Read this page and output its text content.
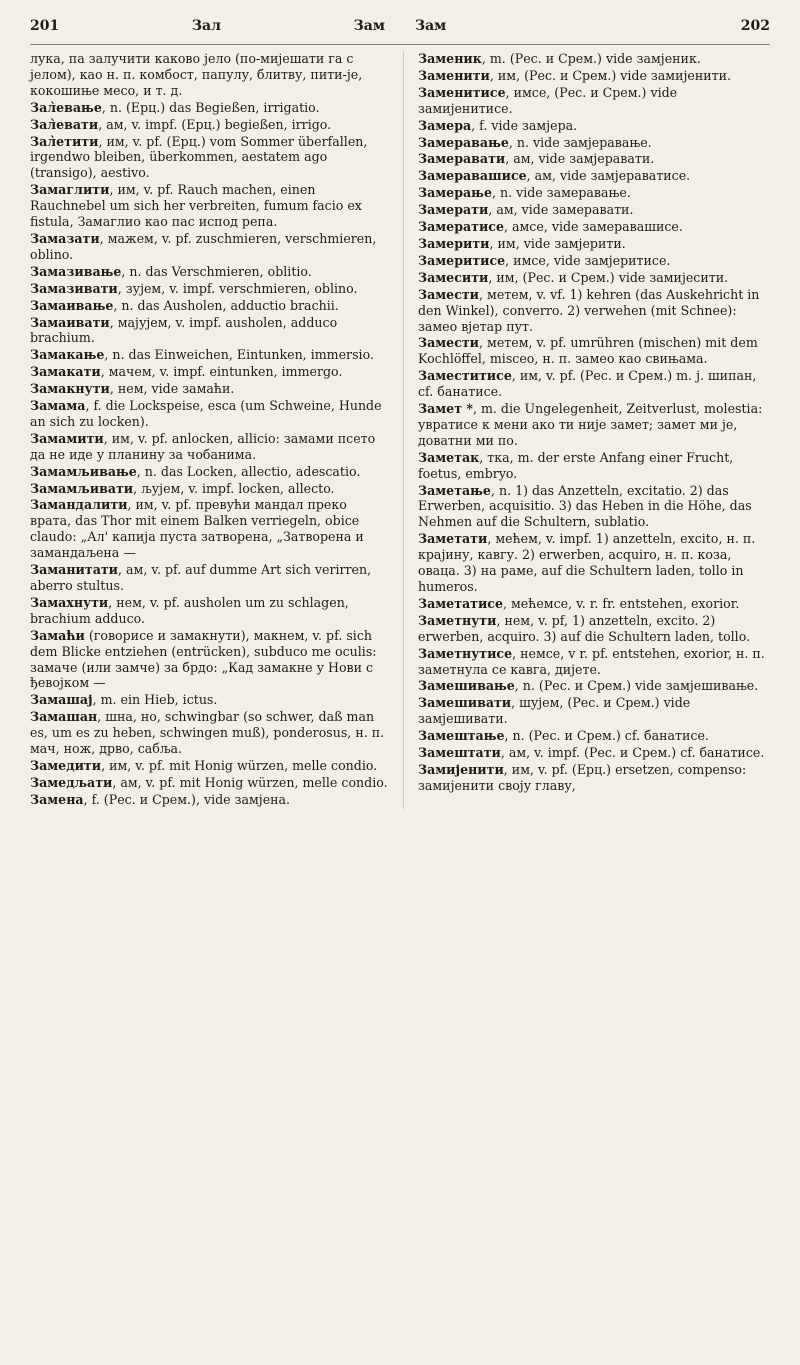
201	Зал	Зам Зам	202

лука, па залучити каково јело (по-мијешати га с јелом), као н. п. комбост, папулу, блитву, пити-је, кокошиње месо, и т. д.

Зал̀евање, n. (Ерц.) das Begießen, irrigatio.

Зал̀евати, ам, v. impf. (Ерц.) begießen, irrigo.

Зал̀етити, им, v. pf. (Ерц.) vom Sommer überfallen, irgendwo bleiben, überkommen, aestatem ago (transigo), aestivo.

Замаглити, им, v. pf. Rauch machen, einen Rauchnebel um sich her verbreiten, fumum facio ex fistula, Замаглио као пас испод репа.

Замазати, мажем, v. pf. zuschmieren, verschmieren, oblino.

Замазивање, n. das Verschmieren, oblitio.

Замазивати, зујем, v. impf. verschmieren, oblino.

Замаивање, n. das Ausholen, adductio brachii.

Замаивати, мајујем, v. impf. ausholen, adduco brachium.

Замакање, n. das Einweichen, Eintunken, immersio.

Замакати, мачем, v. impf. eintunken, immergo.

Замакнути, нем, vide замаћи.

Замама, f. die Lockspeise, esca (um Schweine, Hunde an sich zu locken).

Замамити, им, v. pf. anlocken, allicio: замами псето да не иде у планину за чобанима.

Замамљивање, n. das Locken, allectio, adescatio.

Замамљивати, љујем, v. impf. locken, allecto.

Замандалити, им, v. pf. превући мандал преко врата, das Thor mit einem Balken verriegeln, obice claudo: „Ал' капија пуста затворена, „Затворена и замандаљена —

Заманитати, ам, v. pf. auf dumme Art sich verirren, aberro stultus.

Замахнути, нем, v. pf. ausholen um zu schlagen, brachium adduco.

Замаћи (говорисе и замакнути), макнем, v. pf. sich dem Blicke entziehen (entrücken), subduco me oculis: замаче (или замче) за брдо: „Кад замакне у Нови с ђевојком —

Замашај, m. ein Hieb, ictus.

Замашан, шна, но, schwingbar (so schwer, daß man es, um es zu heben, schwingen muß), ponderosus, н. п. мач, нож, дрво, сабља.

Замедити, им, v. pf. mit Honig würzen, melle condio.

Замедљати, ам, v. pf. mit Honig würzen, melle condio.

Замена, f. (Рес. и Срем.), vide замјена.

Заменик, m. (Рес. и Срем.) vide замјеник.

Заменити, им, (Рес. и Срем.) vide замијенити.

Заменитисе, имсе, (Рес. и Срем.) vide замијенитисе.

Замера, f. vide замјера.

Замеравање, n. vide замјеравање.

Замеравати, ам, vide замјеравати.

Замеравашисе, ам, vide замјераватисе.

Замерање, n. vide замеравање.

Замерати, ам, vide замеравати.

Замератисе, амсе, vide замеравашисе.

Замерити, им, vide замјерити.

Замеритисе, имсе, vide замјеритисе.

Замесити, им, (Рес. и Срем.) vide замијесити.

Замести, метем, v. vf. 1) kehren (das Auskehricht in den Winkel), converro. 2) verwehen (mit Schnee): замео вјетар пут.

Замести, метем, v. pf. umrühren (mischen) mit dem Kochlöffel, misceo, н. п. замео као свињама.

Заместитисе, им, v. pf. (Рес. и Срем.) m. j. шипан, cf. банатисе.

Замет *, m. die Ungelegenheit, Zeitverlust, molestia: увратисе к мени ако ти није замет; замет ми је, доватни ми по.

Заметак, тка, m. der erste Anfang einer Frucht, foetus, embryo.

Заметање, n. 1) das Anzetteln, excitatio. 2) das Erwerben, acquisitio. 3) das Heben in die Höhe, das Nehmen auf die Schultern, sublatio.

Заметати, мећем, v. impf. 1) anzetteln, excito, н. п. крајину, кавгу. 2) erwerben, acquiro, н. п. коза, оваца. 3) на раме, auf die Schultern laden, tollo in humeros.

Заметатисе, мећемсе, v. r. fr. entstehen, exorior.

Заметнути, нем, v. pf, 1) anzetteln, excito. 2) erwerben, acquiro. 3) auf die Schultern laden, tollo.

Заметнутисе, немсе, v r. pf. entstehen, exorior, н. п. заметнула се кавга, дијете.

Замешивање, n. (Рес. и Срем.) vide замјешивање.

Замешивати, шујем, (Рес. и Срем.) vide замјешивати.

Замештање, n. (Рес. и Срем.) cf. банатисе.

Замештати, ам, v. impf. (Рес. и Срем.) cf. банатисе.

Замијенити, им, v. pf. (Ерц.) ersetzen, compenso: замијенити своју главу,
